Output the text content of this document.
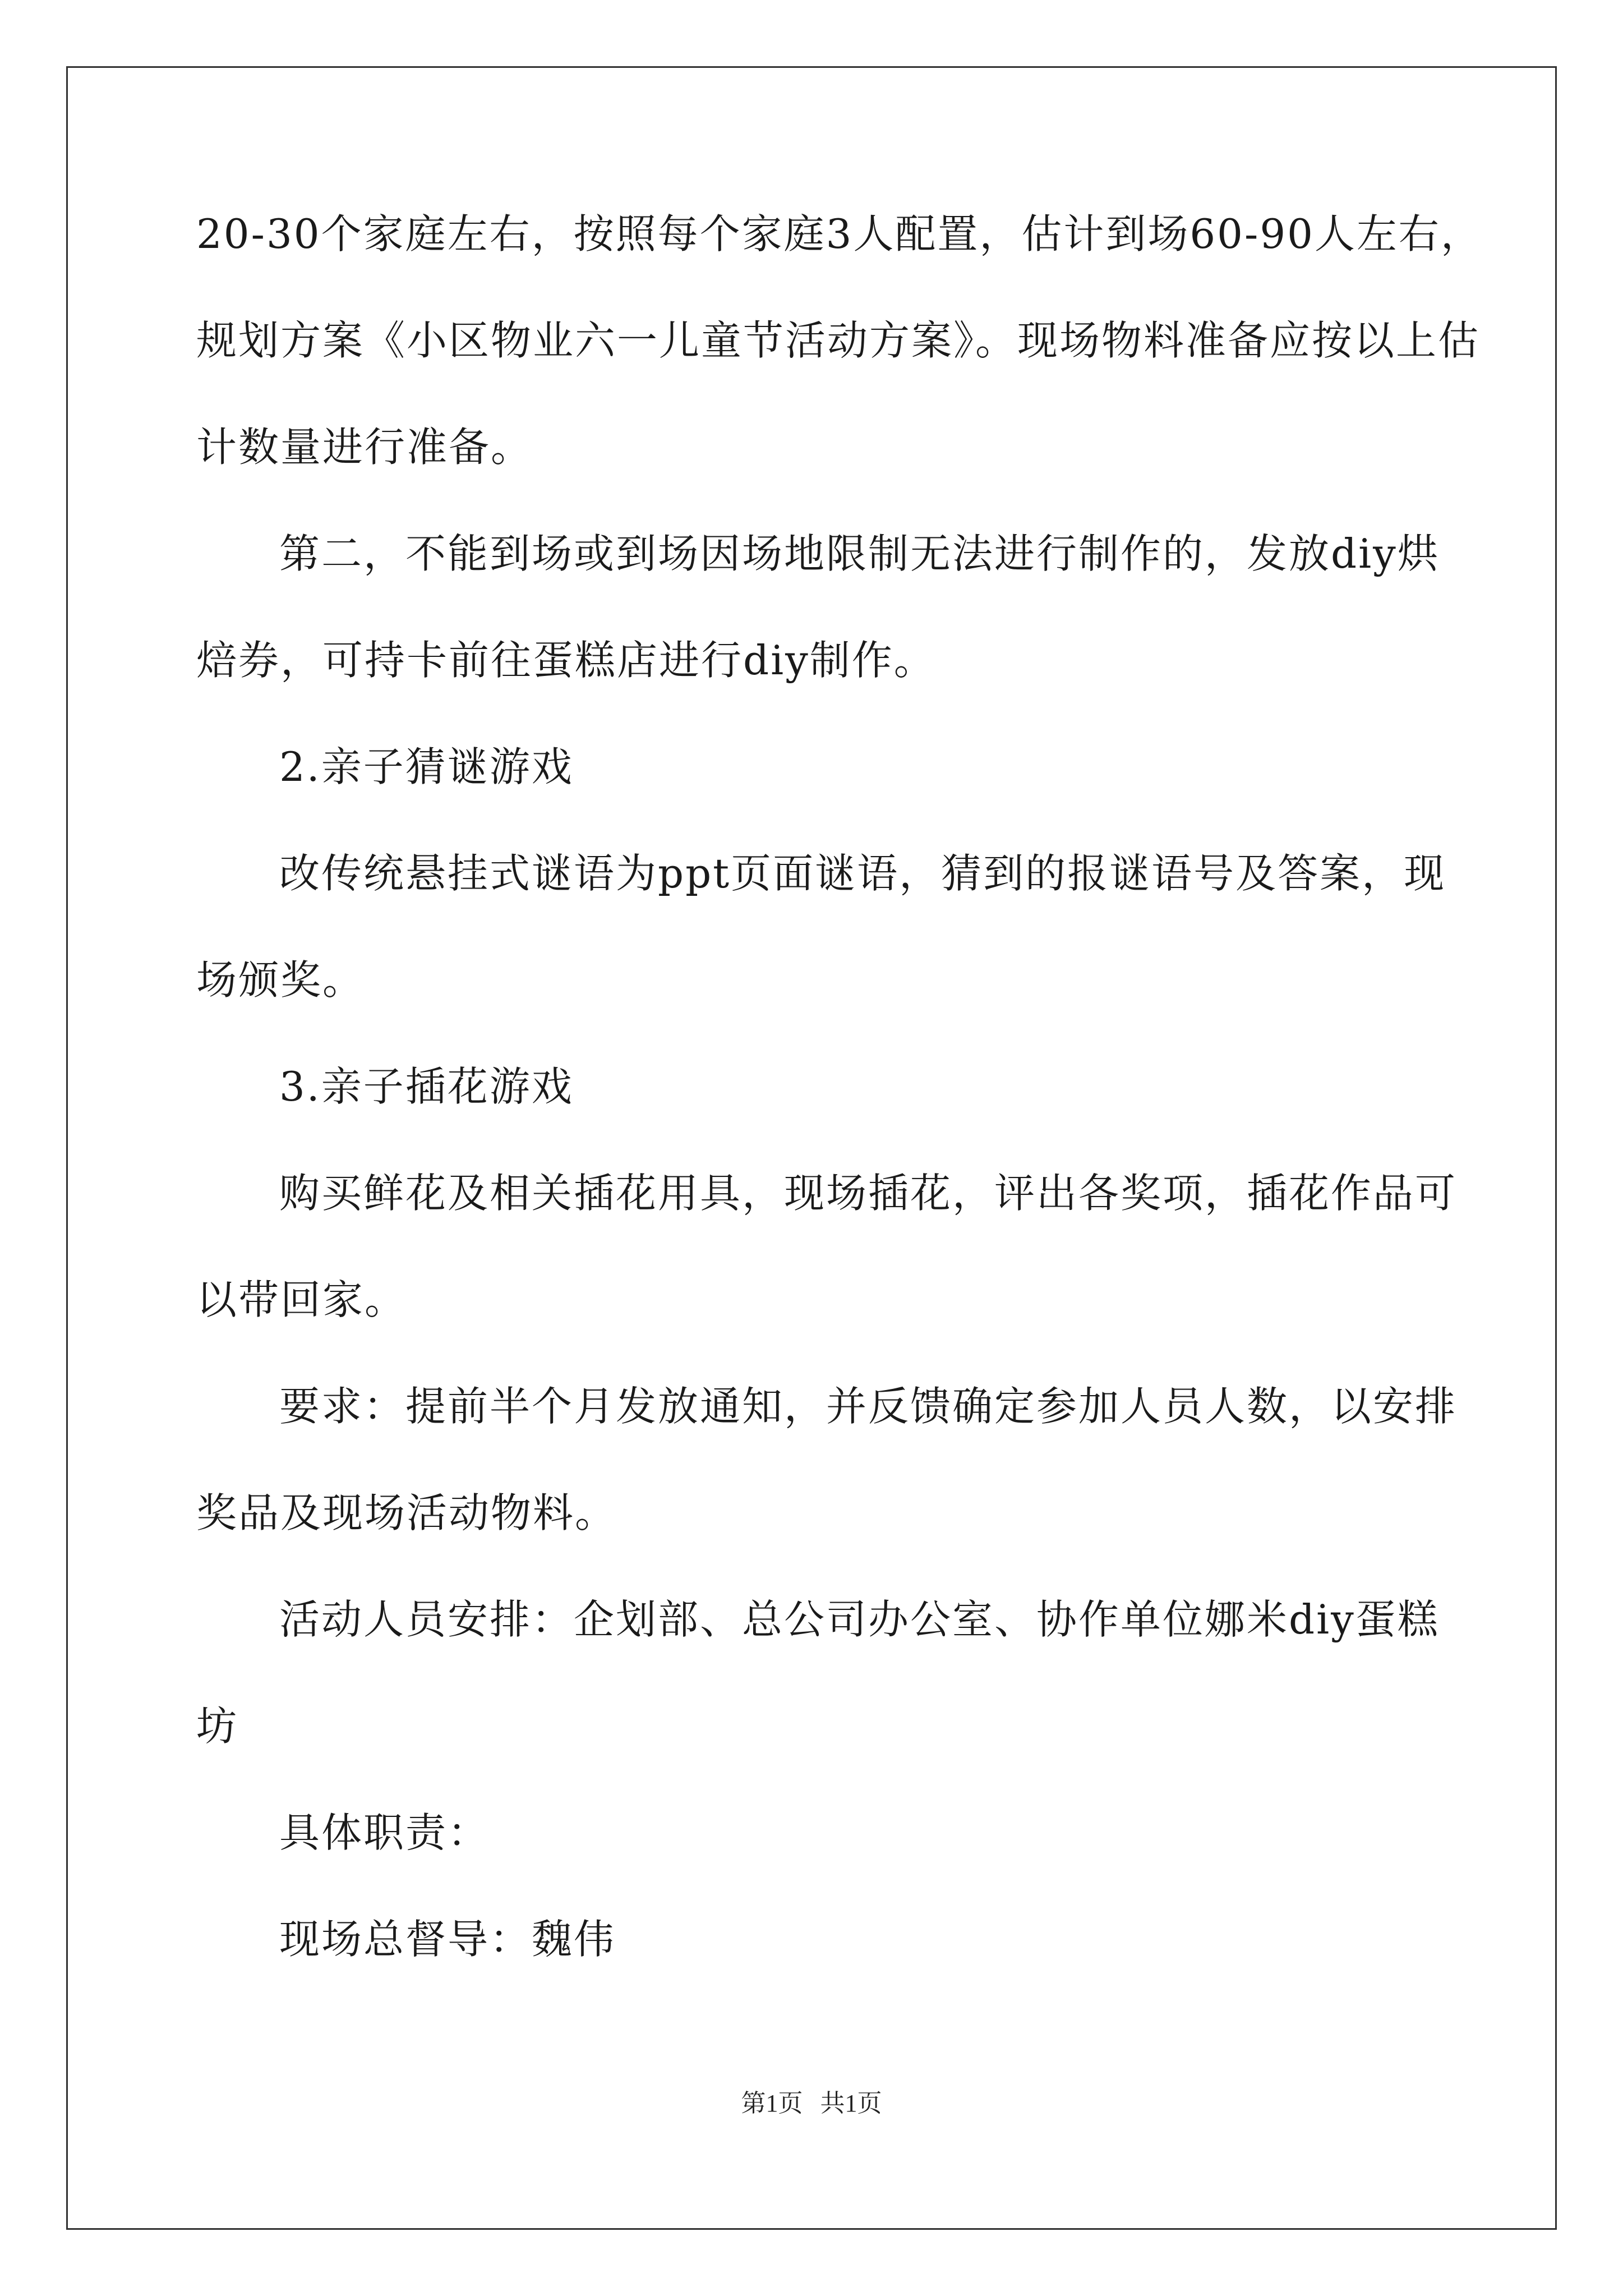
20-30个家庭左右，按照每个家庭3人配置，估计到场60-90人左右，
规划方案《小区物业六一儿童节活动方案》。现场物料准备应按以上估
计数量进行准备。
第二，不能到场或到场因场地限制无法进行制作的，发放diy烘
焙券，可持卡前往蛋糕店进行diy制作。
2.亲子猜谜游戏
改传统悬挂式谜语为ppt页面谜语，猜到的报谜语号及答案，现
场颁奖。
3.亲子插花游戏
购买鲜花及相关插花用具，现场插花，评出各奖项，插花作品可
以带回家。
要求：提前半个月发放通知，并反馈确定参加人员人数，以安排
奖品及现场活动物料。
活动人员安排：企划部、总公司办公室、协作单位娜米diy蛋糕
坊
具体职责：
现场总督导：魏伟
第1页 共1页
